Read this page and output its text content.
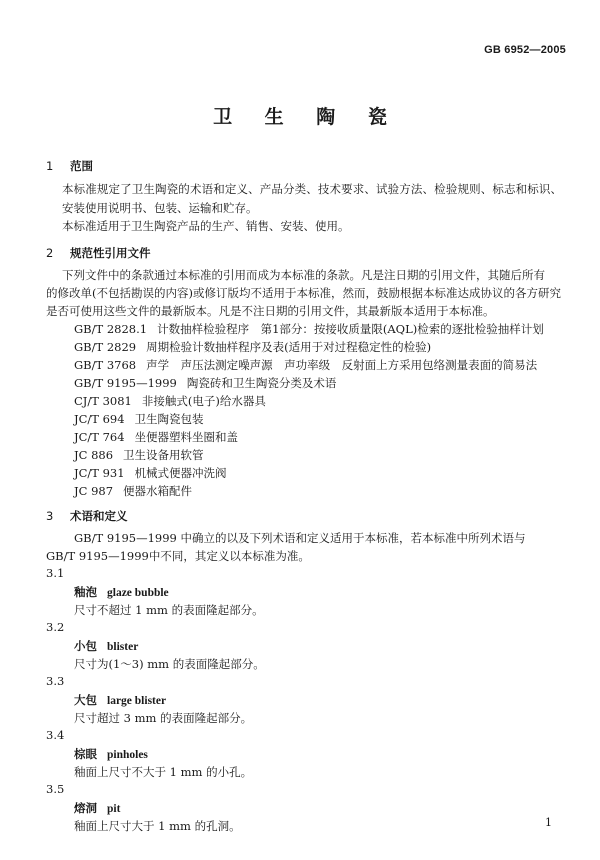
GB 6952—2005
卫 生 陶 瓷
1 范围

本标准规定了卫生陶瓷的术语和定义、产品分类、技术要求、试验方法、检验规则、标志和标识、安装使用说明书、包装、运输和贮存。

本标准适用于卫生陶瓷产品的生产、销售、安装、使用。

2 规范性引用文件
下列文件中的条款通过本标准的引用而成为本标准的条款。凡是注日期的引用文件，其随后所有
的修改单(不包括勘误的内容)或修订版均不适用于本标准，然而，鼓励根据本标准达成协议的各方研究
是否可使用这些文件的最新版本。凡是不注日期的引用文件，其最新版本适用于本标准。
GB/T 2828.1 计数抽样检验程序　第1部分：按接收质量限(AQL)检索的逐批检验抽样计划
GB/T 2829 周期检验计数抽样程序及表(适用于对过程稳定性的检验)
GB/T 3768 声学　声压法测定噪声源　声功率级　反射面上方采用包络测量表面的简易法
GB/T 9195—1999 陶瓷砖和卫生陶瓷分类及术语
CJ/T 3081 非接触式(电子)给水器具
JC/T 694 卫生陶瓷包装
JC/T 764 坐便器塑料坐圈和盖
JC 886 卫生设备用软管
JC/T 931 机械式便器冲洗阀
JC 987 便器水箱配件
3 术语和定义
GB/T 9195—1999 中确立的以及下列术语和定义适用于本标准，若本标准中所列术语与
GB/T 9195—1999中不同，其定义以本标准为准。
3.1
釉泡 glaze bubble
尺寸不超过 1 mm 的表面隆起部分。
3.2
小包 blister
尺寸为(1～3) mm 的表面隆起部分。
3.3
大包 large blister
尺寸超过 3 mm 的表面隆起部分。
3.4
棕眼 pinholes
釉面上尺寸不大于 1 mm 的小孔。
3.5
熔洞 pit
釉面上尺寸大于 1 mm 的孔洞。	1
